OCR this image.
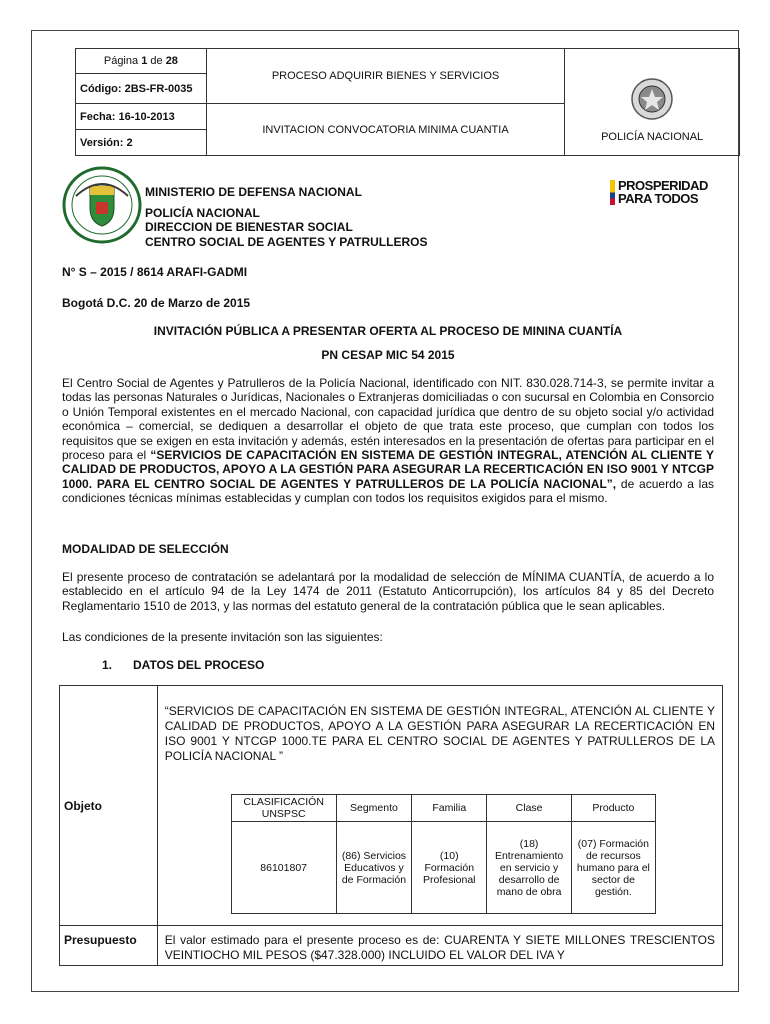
Página 1 de 28	PROCESO ADQUIRIR BIENES Y SERVICIOS	POLICÍA NACIONAL
Código: 2BS-FR-0035		
Fecha: 16-10-2013	INVITACION CONVOCATORIA MINIMA CUANTIA	
Versión: 2		
MINISTERIO DE DEFENSA NACIONAL
POLICÍA NACIONAL
DIRECCION DE BIENESTAR SOCIAL
CENTRO SOCIAL DE AGENTES Y PATRULLEROS
PROSPERIDAD
PARA TODOS
N° S – 2015 / 8614 ARAFI-GADMI
Bogotá D.C. 20 de Marzo de 2015
INVITACIÓN PÚBLICA A PRESENTAR OFERTA AL PROCESO DE MININA CUANTÍA
PN CESAP MIC 54 2015
El Centro Social de Agentes y Patrulleros de la Policía Nacional, identificado con NIT. 830.028.714-3, se permite invitar a todas las personas Naturales o Jurídicas, Nacionales o Extranjeras domiciliadas o con sucursal en Colombia en Consorcio o Unión Temporal existentes en el mercado Nacional, con capacidad jurídica que dentro de su objeto social y/o actividad económica – comercial, se dediquen a desarrollar el objeto de que trata este proceso, que cumplan con todos los requisitos que se exigen en esta invitación y además, estén interesados en la presentación de ofertas para participar en el proceso para el “SERVICIOS DE CAPACITACIÓN EN SISTEMA DE GESTIÓN INTEGRAL, ATENCIÓN AL CLIENTE Y CALIDAD DE PRODUCTOS, APOYO A LA GESTIÓN PARA ASEGURAR LA RECERTICACIÓN EN ISO 9001 Y NTCGP 1000. PARA EL CENTRO SOCIAL DE AGENTES Y PATRULLEROS DE LA POLICÍA NACIONAL”, de acuerdo a las condiciones técnicas mínimas establecidas y cumplan con todos los requisitos exigidos para el mismo.
MODALIDAD DE SELECCIÓN
El presente proceso de contratación se adelantará por la modalidad de selección de MÍNIMA CUANTÍA, de acuerdo a lo establecido en el artículo 94 de la Ley 1474 de 2011 (Estatuto Anticorrupción), los artículos 84 y 85 del Decreto Reglamentario 1510 de 2013, y las normas del estatuto general de la contratación pública que le sean aplicables.
Las condiciones de la presente invitación son las siguientes:
1. DATOS DEL PROCESO
Objeto	
“SERVICIOS DE CAPACITACIÓN EN SISTEMA DE GESTIÓN INTEGRAL, ATENCIÓN AL CLIENTE Y CALIDAD DE PRODUCTOS, APOYO A LA GESTIÓN PARA ASEGURAR LA RECERTICACIÓN EN ISO 9001 Y NTCGP 1000.TE PARA EL CENTRO SOCIAL DE AGENTES Y PATRULLEROS DE LA POLICÍA NACIONAL ”
CLASIFICACIÓN UNSPSC	Segmento	Familia	Clase	Producto
86101807	(86) Servicios Educativos y de Formación	(10) Formación Profesional	(18) Entrenamiento en servicio y desarrollo de mano de obra	(07) Formación de recursos humano para el sector de gestión.

Presupuesto	El valor estimado para el presente proceso es de: CUARENTA Y SIETE MILLONES TRESCIENTOS VEINTIOCHO MIL PESOS ($47.328.000) INCLUIDO EL VALOR DEL IVA Y
